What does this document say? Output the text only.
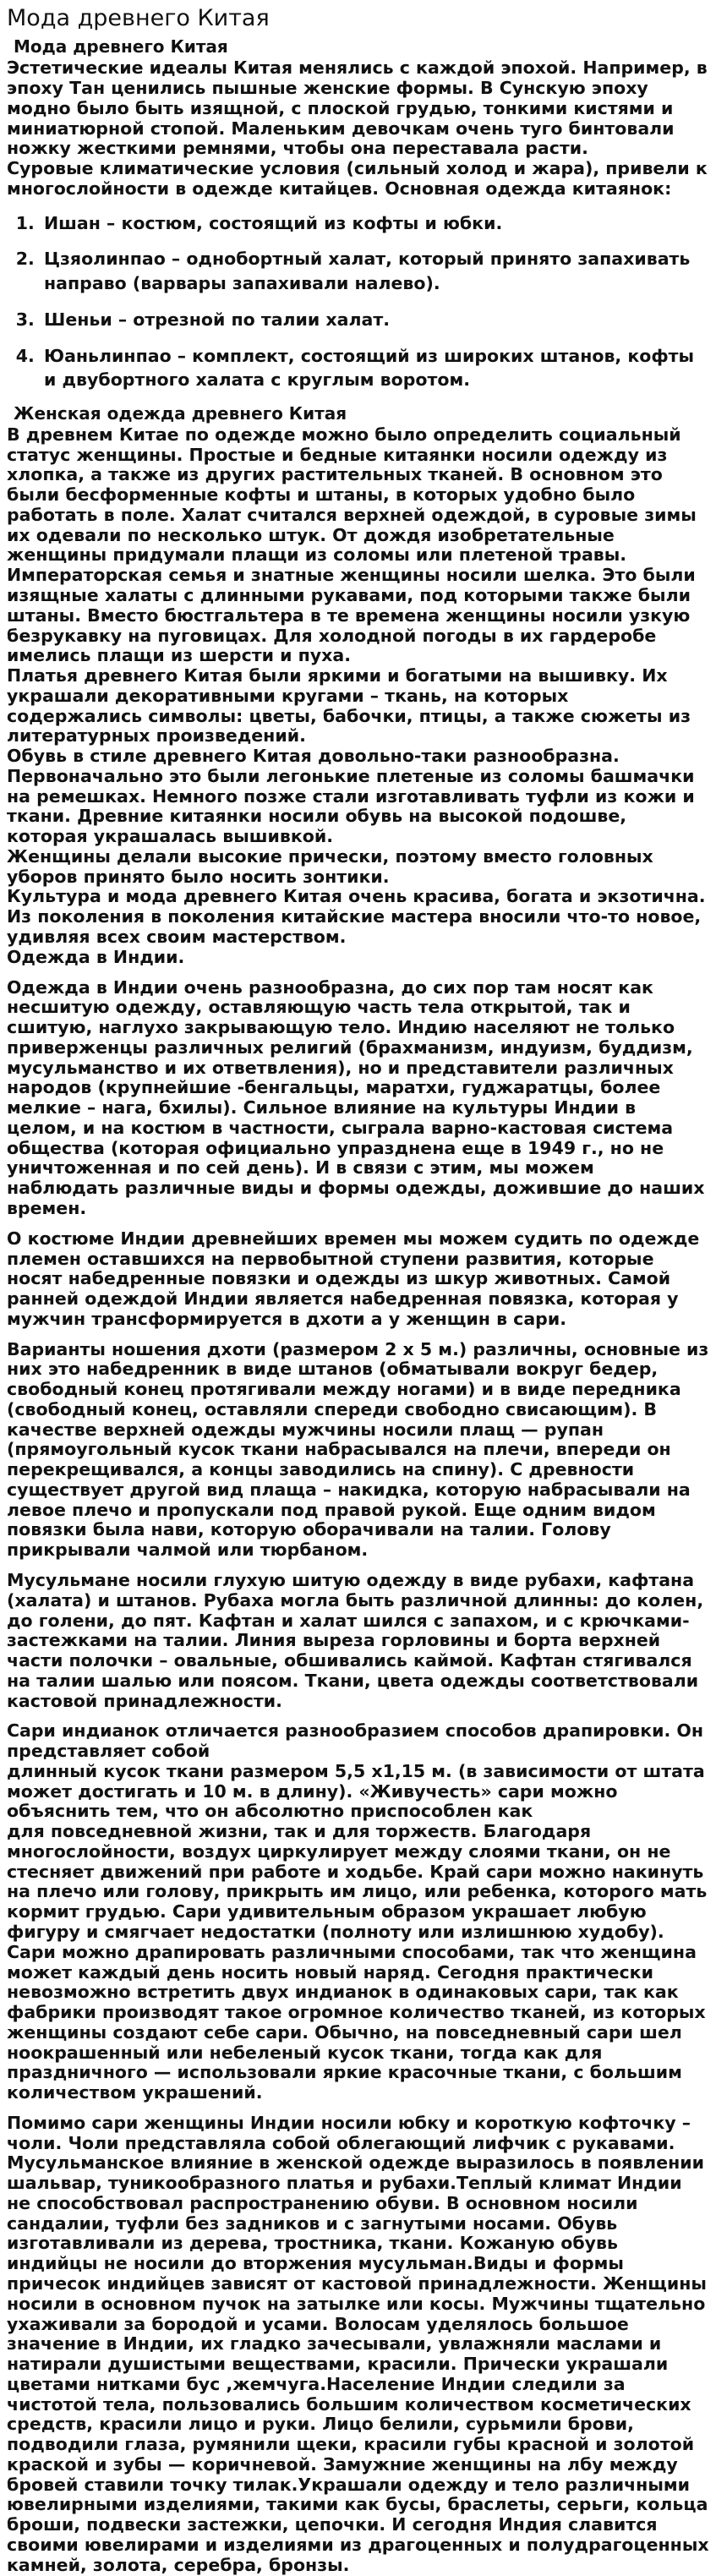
Мода древнего Китая
Мода древнего Китая

Эстетические идеалы Китая менялись с каждой эпохой. Например, в эпоху Тан ценились пышные женские формы. В Сунскую эпоху модно было быть изящной, с плоской грудью, тонкими кистями и миниатюрной стопой. Маленьким девочкам очень туго бинтовали ножку жесткими ремнями, чтобы она переставала расти.

Суровые климатические условия (сильный холод и жара), привели к многослойности в одежде китайцев. Основная одежда китаянок:

1. Ишан – костюм, состоящий из кофты и юбки.
2. Цзяолинпао – однобортный халат, который принято запахивать направо (варвары запахивали налево).
3. Шеньи – отрезной по талии халат.
4. Юаньлинпао – комплект, состоящий из широких штанов, кофты и двубортного халата с круглым воротом.
Женская одежда древнего Китая

В древнем Китае по одежде можно было определить социальный статус женщины. Простые и бедные китаянки носили одежду из хлопка, а также из других растительных тканей. В основном это были бесформенные кофты и штаны, в которых удобно было работать в поле. Халат считался верхней одеждой, в суровые зимы их одевали по несколько штук. От дождя изобретательные женщины придумали плащи из соломы или плетеной травы.

Императорская семья и знатные женщины носили шелка. Это были изящные халаты с длинными рукавами, под которыми также были штаны. Вместо бюстгальтера в те времена женщины носили узкую безрукавку на пуговицах. Для холодной погоды в их гардеробе имелись плащи из шерсти и пуха.

Платья древнего Китая были яркими и богатыми на вышивку. Их украшали декоративными кругами – ткань, на которых содержались символы: цветы, бабочки, птицы, а также сюжеты из литературных произведений.

Обувь в стиле древнего Китая довольно-таки разнообразна. Первоначально это были легонькие плетеные из соломы башмачки на ремешках. Немного позже стали изготавливать туфли из кожи и ткани. Древние китаянки носили обувь на высокой подошве, которая украшалась вышивкой.

Женщины делали высокие прически, поэтому вместо головных уборов принято было носить зонтики.

Культура и мода древнего Китая очень красива, богата и экзотична. Из поколения в поколения китайские мастера вносили что-то новое, удивляя всех своим мастерством.

Одежда в Индии.

Одежда в Индии очень разнообразна, до сих пор там носят как несшитую одежду, оставляющую часть тела открытой, так и сшитую, наглухо закрывающую тело. Индию населяют не только приверженцы различных религий (брахманизм, индуизм, буддизм, мусульманство и их ответвления), но и представители различных народов (крупнейшие -бенгальцы, маратхи, гуджаратцы, более мелкие – нага, бхилы). Сильное влияние на культуры Индии в целом, и на костюм в частности, сыграла варно-кастовая система общества (которая официально упразднена еще в 1949 г., но не уничтоженная и по сей день). И в связи с этим, мы можем наблюдать различные виды и формы одежды, дожившие до наших времен.

О костюме Индии древнейших времен мы можем судить по одежде племен оставшихся на первобытной ступени развития, которые носят набедренные повязки и одежды из шкур животных. Самой ранней одеждой Индии является набедренная повязка, которая у мужчин трансформируется в дхоти а у женщин в сари.

Варианты ношения дхоти (размером 2 х 5 м.) различны, основные из них это набедренник в виде штанов (обматывали вокруг бедер, свободный конец протягивали между ногами) и в виде передника (свободный конец, оставляли спереди свободно свисающим). В качестве верхней одежды мужчины носили плащ — рупан (прямоугольный кусок ткани набрасывался на плечи, вперeди он перекрещивался, а концы заводились на спину). С древности существует другой вид плаща – накидка, которую набрасывали на левое плечо и пропускали под правой рукой. Еще одним видом повязки была нави, которую оборачивали на талии. Голову прикрывали чалмой или тюрбаном.

Мусульмане носили глухую шитую одежду в виде рубахи, кафтана (халата) и штанов. Рубаха могла быть различной длинны: до колен, до голени, до пят. Кафтан и халат шился с запахом, и с крючками-застежками на талии. Линия выреза горловины и борта верхней части полочки – овальные, обшивались каймой. Кафтан стягивался на талии шалью или поясом. Ткани, цвета одежды соответствовали кастовой принадлежности.

Сари индианок отличается разнообразием способов драпировки. Он представляет собой

длинный кусок ткани размером 5,5 х1,15 м. (в зависимости от штата может достигать и 10 м. в длину). «Живучесть» сари можно объяснить тем, что он абсолютно приспособлен как

для повседневной жизни, так и для торжеств. Благодаря многослойности, воздух циркулирует между слоями ткани, он не стесняет движений при работе и ходьбе. Край сари можно накинуть на плечо или голову, прикрыть им лицо, или ребенка, которого мать кормит грудью. Сари удивительным образом украшает любую фигуру и смягчает недостатки (полноту или излишнюю худобу). Сари можно драпировать различными способами, так что женщина может каждый день носить новый наряд. Сегодня практически невозможно встретить двух индианок в одинаковых сари, так как фабрики производят такое огромное количество тканей, из которых женщины создают себе сари. Обычно, на повседневный сари шел ноокрашенный или небеленый кусок ткани, тогда как для праздничного — использовали яркие красочные ткани, с большим количеством украшений.

Помимо сари женщины Индии носили юбку и короткую кофточку – чоли. Чоли представляла собой облегающий лифчик с рукавами. Мусульманское влияние в женской одежде выразилось в появлении шальвар, туникообразного платья и рубахи.Теплый климат Индии не способствовал распространению обуви. В основном носили сандалии, туфли без задников и с загнутыми носами. Обувь изготавливали из дерева, тростника, ткани. Кожаную обувь индийцы не носили до вторжения мусульман.Виды и формы причесок индийцев зависят от кастовой принадлежности. Женщины носили в основном пучок на затылке или косы. Мужчины тщательно ухаживали за бородой и усами. Волосам уделялось большое значение в Индии, их гладко зачесывали, увлажняли маслами и натирали душистыми веществами, красили. Прически украшали цветами нитками бус ,жемчуга.Население Индии следили за чистотой тела, пользовались большим количеством косметических средств, красили лицо и руки. Лицо белили, сурьмили брови, подводили глаза, румянили щеки, красили губы красной и золотой краской и зубы — коричневой. Замужние женщины на лбу между бровей ставили точку тилак.Украшали одежду и тело различными ювелирными изделиями, такими как бусы, браслеты, серьги, кольца броши, подвески застежки, цепочки. И сегодня Индия славится своими ювелирами и изделиями из драгоценных и полудрагоценных камней, золота, серебра, бронзы.
